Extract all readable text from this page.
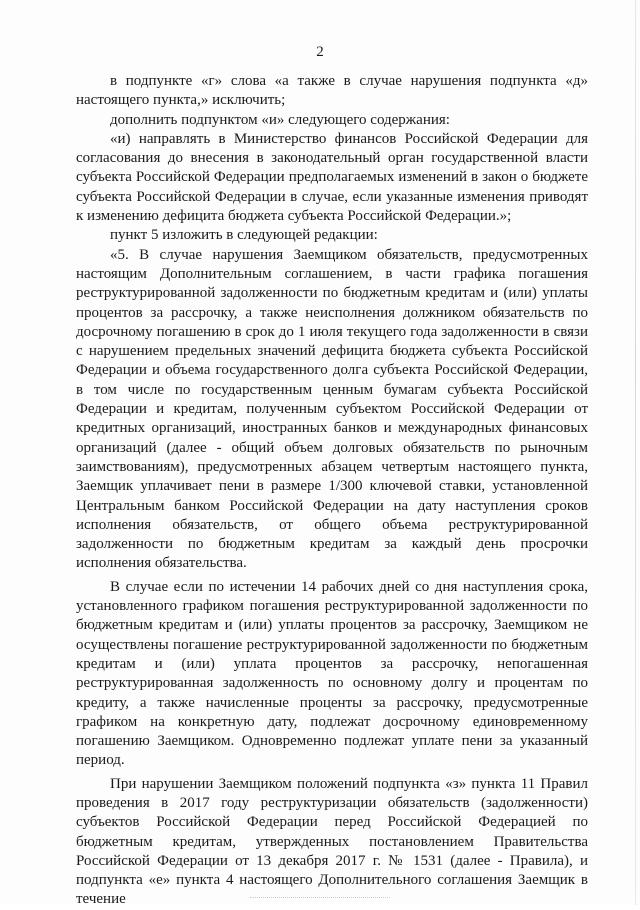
2

в подпункте «г» слова «а также в случае нарушения подпункта «д» настоящего пункта,» исключить;

дополнить подпунктом «и» следующего содержания:

«и) направлять в Министерство финансов Российской Федерации для согласования до внесения в законодательный орган государственной власти субъекта Российской Федерации предполагаемых изменений в закон о бюджете субъекта Российской Федерации в случае, если указанные изменения приводят к изменению дефицита бюджета субъекта Российской Федерации.»;

пункт 5 изложить в следующей редакции:

«5. В случае нарушения Заемщиком обязательств, предусмотренных настоящим Дополнительным соглашением, в части графика погашения реструктурированной задолженности по бюджетным кредитам и (или) уплаты процентов за рассрочку, а также неисполнения должником обязательств по досрочному погашению в срок до 1 июля текущего года задолженности в связи с нарушением предельных значений дефицита бюджета субъекта Российской Федерации и объема государственного долга субъекта Российской Федерации, в том числе по государственным ценным бумагам субъекта Российской Федерации и кредитам, полученным субъектом Российской Федерации от кредитных организаций, иностранных банков и международных финансовых организаций (далее - общий объем долговых обязательств по рыночным заимствованиям), предусмотренных абзацем четвертым настоящего пункта, Заемщик уплачивает пени в размере 1/300 ключевой ставки, установленной Центральным банком Российской Федерации на дату наступления сроков исполнения обязательств, от общего объема реструктурированной задолженности по бюджетным кредитам за каждый день просрочки исполнения обязательства.

В случае если по истечении 14 рабочих дней со дня наступления срока, установленного графиком погашения реструктурированной задолженности по бюджетным кредитам и (или) уплаты процентов за рассрочку, Заемщиком не осуществлены погашение реструктурированной задолженности по бюджетным кредитам и (или) уплата процентов за рассрочку, непогашенная реструктурированная задолженность по основному долгу и процентам по кредиту, а также начисленные проценты за рассрочку, предусмотренные графиком на конкретную дату, подлежат досрочному единовременному погашению Заемщиком. Одновременно подлежат уплате пени за указанный период.

При нарушении Заемщиком положений подпункта «з» пункта 11 Правил проведения в 2017 году реструктуризации обязательств (задолженности) субъектов Российской Федерации перед Российской Федерацией по бюджетным кредитам, утвержденных постановлением Правительства Российской Федерации от 13 декабря 2017 г. № 1531 (далее - Правила), и подпункта «е» пункта 4 настоящего Дополнительного соглашения Заемщик в течение
